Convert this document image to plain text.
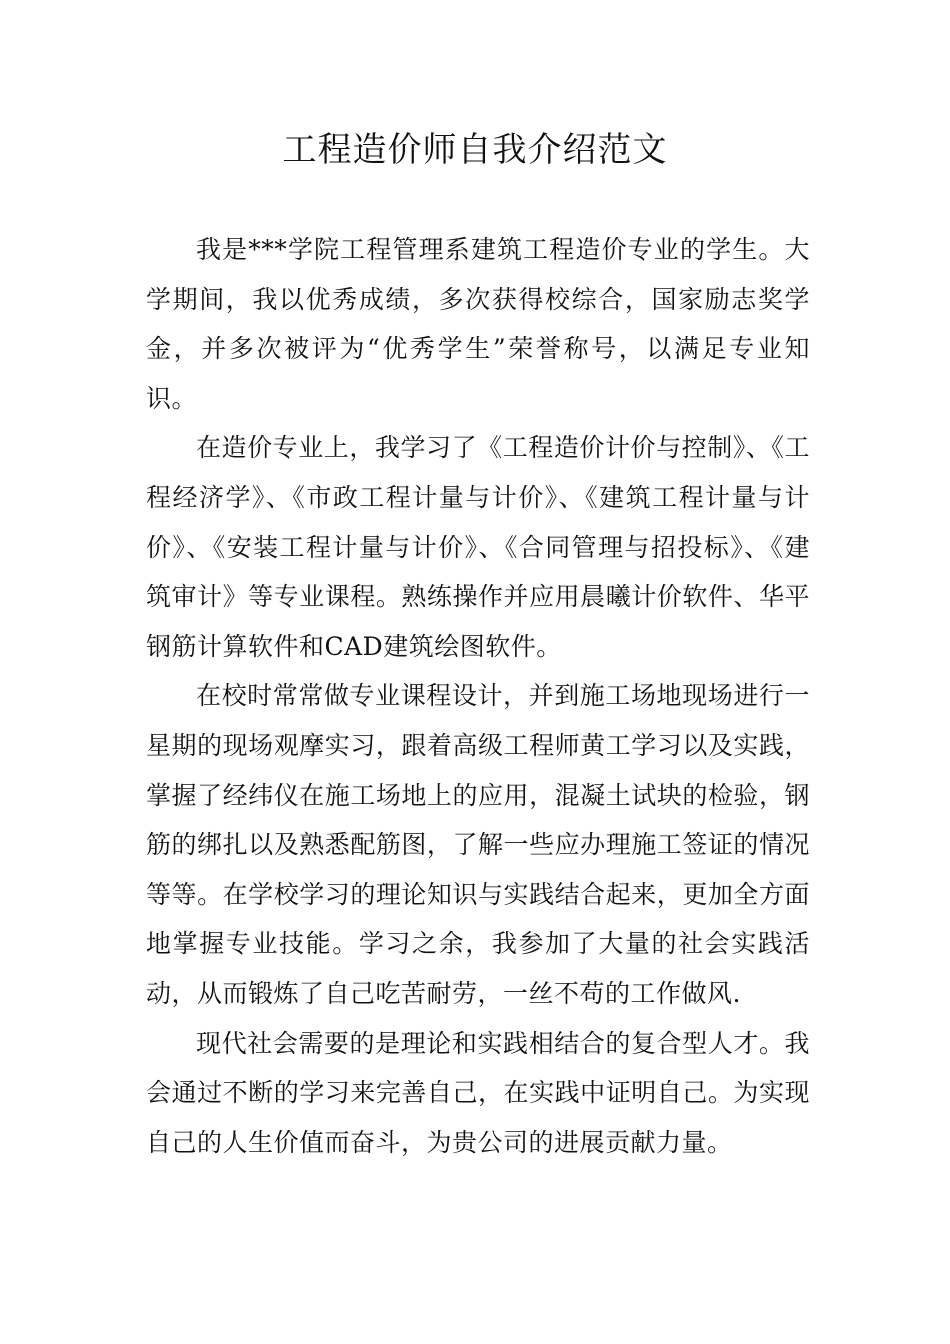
工程造价师自我介绍范文

我是***学院工程管理系建筑工程造价专业的学生。大学期间，我以优秀成绩，多次获得校综合，国家励志奖学金，并多次被评为“优秀学生”荣誉称号，以满足专业知识。

在造价专业上，我学习了《工程造价计价与控制》、《工程经济学》、《市政工程计量与计价》、《建筑工程计量与计价》、《安装工程计量与计价》、《合同管理与招投标》、《建筑审计》等专业课程。熟练操作并应用晨曦计价软件、华平钢筋计算软件和CAD建筑绘图软件。

在校时常常做专业课程设计，并到施工场地现场进行一星期的现场观摩实习，跟着高级工程师黄工学习以及实践，掌握了经纬仪在施工场地上的应用，混凝土试块的检验，钢筋的绑扎以及熟悉配筋图，了解一些应办理施工签证的情况等等。在学校学习的理论知识与实践结合起来，更加全方面地掌握专业技能。学习之余，我参加了大量的社会实践活动，从而锻炼了自己吃苦耐劳，一丝不苟的工作做风.

现代社会需要的是理论和实践相结合的复合型人才。我会通过不断的学习来完善自己，在实践中证明自己。为实现自己的人生价值而奋斗，为贵公司的进展贡献力量。
